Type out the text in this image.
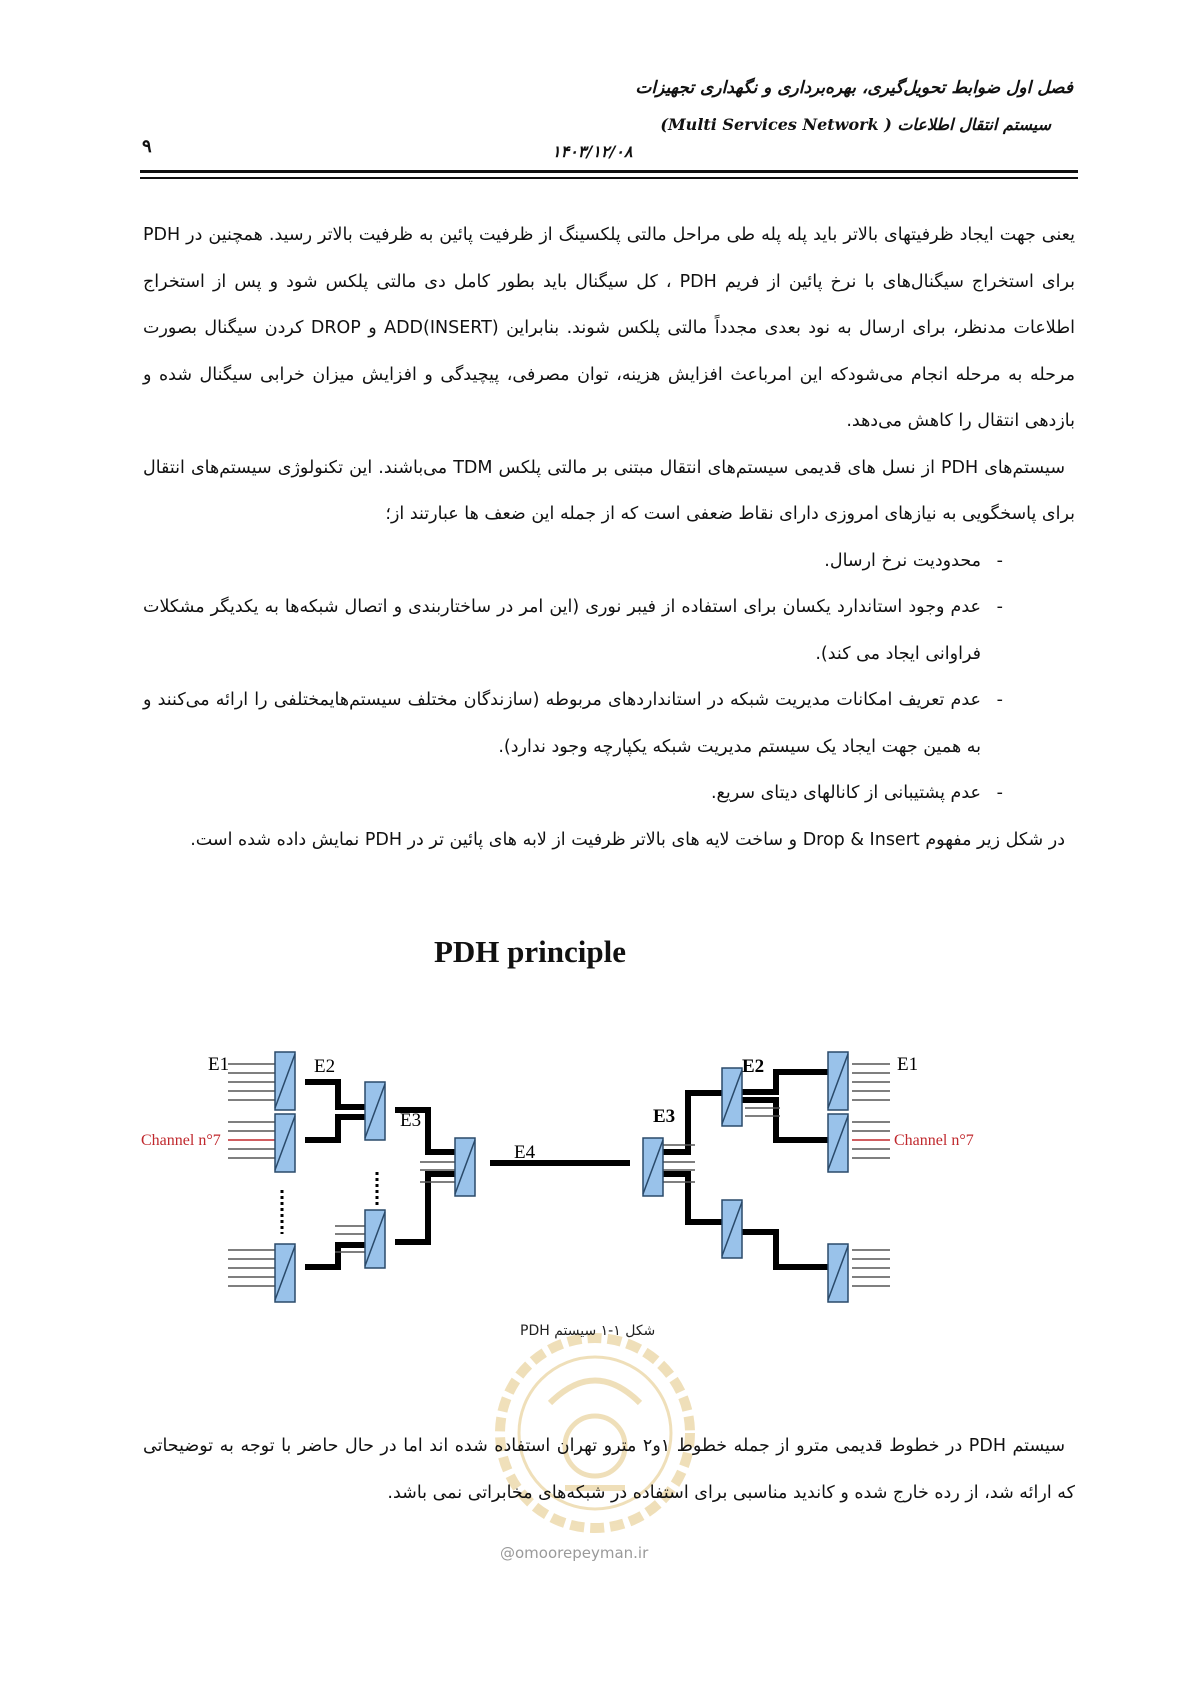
فصل اول ضوابط تحویل‌گیری، بهره‌برداری و نگهداری تجهیزات
سیستم انتقال اطلاعات ( Multi Services Network)
۱۴۰۳/۱۲/۰۸
۹

یعنی جهت ایجاد ظرفیتهای بالاتر باید پله پله طی مراحل مالتی پلکسینگ از ظرفیت پائین به ظرفیت بالاتر رسید. همچنین در PDH برای استخراج سیگنال‌های با نرخ پائین از فریم PDH ، کل سیگنال باید بطور کامل دی مالتی پلکس شود و پس از استخراج اطلاعات مدنظر، برای ارسال به نود بعدی مجدداً مالتی پلکس شوند. بنابراین ADD(INSERT) و DROP کردن سیگنال بصورت مرحله به مرحله انجام می‌شودکه این امرباعث افزایش هزینه، توان مصرفی، پیچیدگی و افزایش میزان خرابی سیگنال شده و بازدهی انتقال را کاهش می‌دهد.

سیستم‌های PDH از نسل های قدیمی سیستم‌های انتقال مبتنی بر مالتی پلکس TDM می‌باشند. این تکنولوژی سیستم‌های انتقال برای پاسخگویی به نیازهای امروزی دارای نقاط ضعفی است که از جمله این ضعف ها عبارتند از؛

-
محدودیت نرخ ارسال.

-
عدم وجود استاندارد یکسان برای استفاده از فیبر نوری (این امر در ساختاربندی و اتصال شبکه‌ها به یکدیگر مشکلات فراوانی ایجاد می کند).

-
عدم تعریف امکانات مدیریت شبکه در استانداردهای مربوطه (سازندگان مختلف سیستم‌هایمختلفی را ارائه می‌کنند و به همین جهت ایجاد یک سیستم مدیریت شبکه یکپارچه وجود ندارد).

-
عدم پشتیبانی از کانالهای دیتای سریع.

در شکل زیر مفهوم Drop & Insert و ساخت لایه های بالاتر ظرفیت از لابه های پائین تر در PDH نمایش داده شده است.

PDH principle
E1	E2
E3
E4
E3
E2	E1
Channel n°7	Channel n°7
شکل ۱-۱ سیستم PDH
@omoorepeyman.ir

سیستم PDH در خطوط قدیمی مترو از جمله خطوط ۱و۲ مترو تهران استفاده شده اند اما در حال حاضر با توجه به توضیحاتی که ارائه شد، از رده خارج شده و کاندید مناسبی برای استفاده در شبکه‌های مخابراتی نمی باشد.
